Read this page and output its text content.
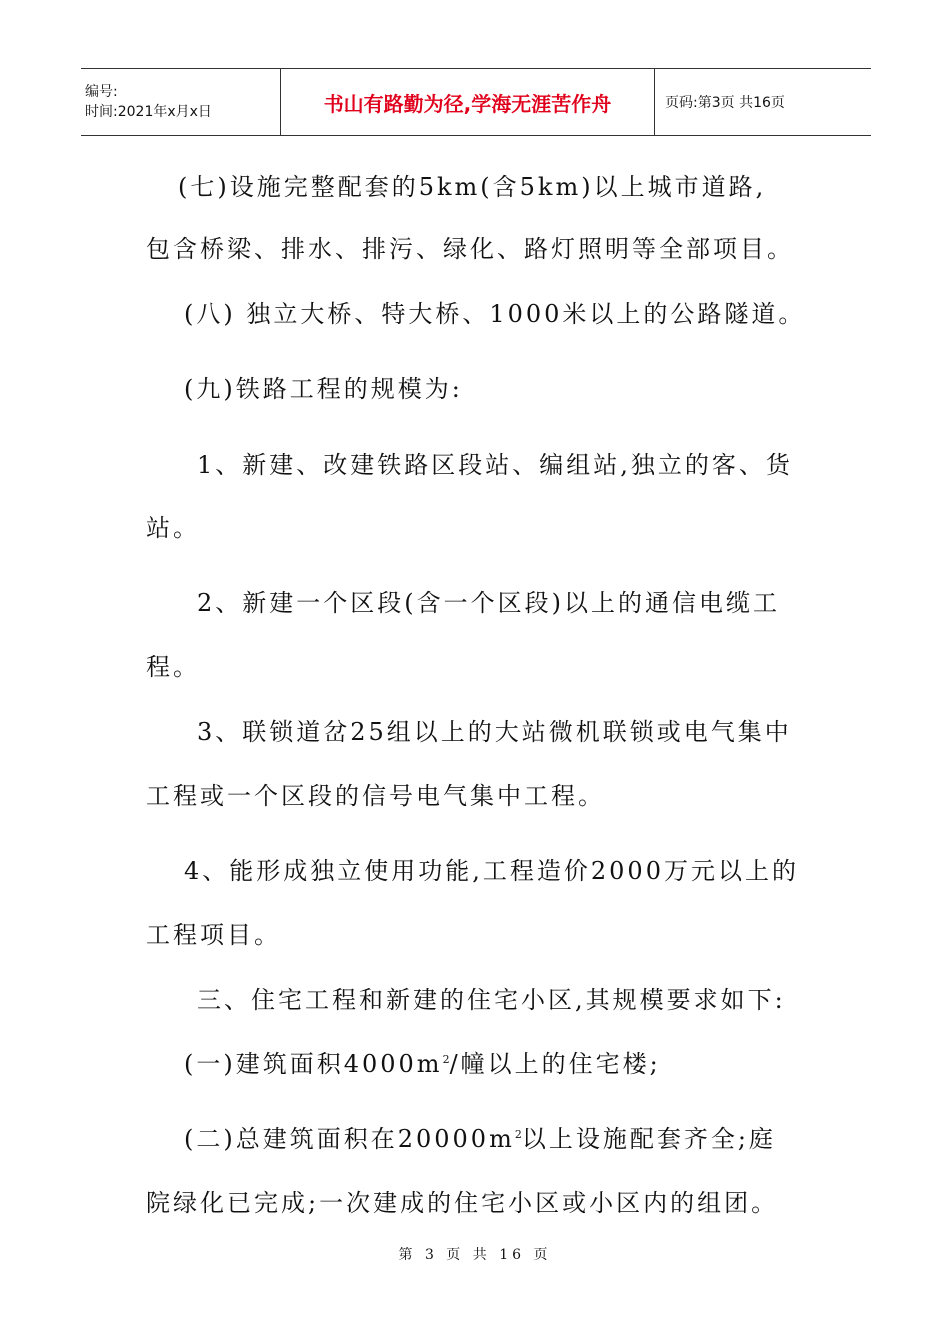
编号:
时间:2021年x月x日	书山有路勤为径,学海无涯苦作舟	页码:第3页 共16页

(七)设施完整配套的5km(含5km)以上城市道路,

包含桥梁、排水、排污、绿化、路灯照明等全部项目。

(八) 独立大桥、特大桥、1000米以上的公路隧道。

(九)铁路工程的规模为:

1、新建、改建铁路区段站、编组站,独立的客、货

站。

2、新建一个区段(含一个区段)以上的通信电缆工

程。

3、联锁道岔25组以上的大站微机联锁或电气集中

工程或一个区段的信号电气集中工程。

4、能形成独立使用功能,工程造价2000万元以上的

工程项目。

三、住宅工程和新建的住宅小区,其规模要求如下:

(一)建筑面积$4000m^2/$幢以上的住宅楼;

(二)总建筑面积在$20000m^2$以上设施配套齐全;庭

院绿化已完成;一次建成的住宅小区或小区内的组团。

第 3 页 共 16 页
